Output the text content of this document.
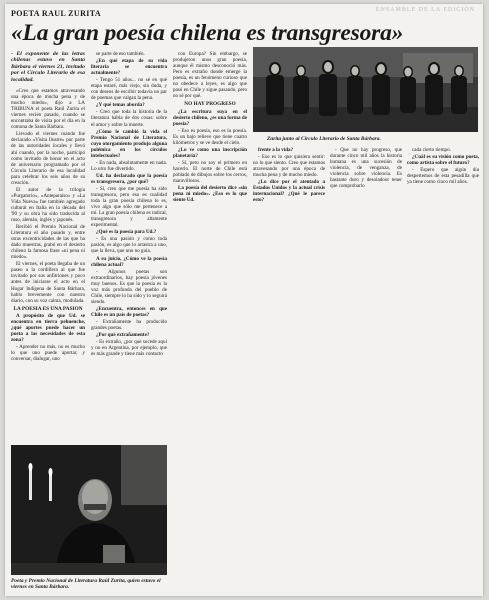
POETA RAUL ZURITA	ENSAMBLE DE LA EDICIÓN
«La gran poesía chilena es transgresora»

- El exponente de las letras chilenas estuvo en Santa Bárbara el viernes 21, invitado por el Círculo Literario de esa localidad.

«Creo que estamos atravesando una época de mucha pena y de mucho miedo», dijo a LA TRIBUNA el poeta Raúl Zurita el viernes recién pasado, cuando se encontraba de visita por el día en la comuna de Santa Bárbara.

Llevado el viernes cuando fue declarado «Visita Ilustre» por parte de las autoridades locales y llevó ahí cuando, por la noche, participó como invitado de honor en el acto de aniversario programado por el Círculo Literario de esa localidad para celebrar los seis años de su creación.

El autor de la trilogía «Purgatorio», «Anteparaíso» y «La Vida Nueva» fue también agregado cultural en Italia en la década del '90 y su obra ha sido traducida al ruso, alemán, inglés y japonés.

Recibió el Premio Nacional de Literatura el año pasado y, entre otras excentricidades de las que ha dado muestras, grabó en el desierto chileno la famosa frase «ni pena ni miedo».

El viernes, el poeta llegaba de un paseo a la cordillera al que fue invitado por sus anfitriones y poco antes de iniciarse el acto en el Hogar Indígena de Santa Bárbara, hablo brevemente con nuestro diario, con su voz calma, modulada.

LA POESIA ES UNA PASION

A propósito de que Ud. se encuentra en tierra pehuenche, ¿qué aportes puede hacer un poeta a las necesidades de esta zona?

- Aprender no más, no es mucho lo que uno puede aportar, y conversar, dialogar, uno

se parte de eso también.

¿En qué etapa de su vida literaria se encuentra actualmente?

- Tengo 51 años... no sé en qué etapa estaré, más viejo, sin duda, y con deseos de escribir todavía un par de poemas que valgan la pena.

¿Y qué temas aborda?

- Creo que toda la historia de la literatura habla de dos cosas: sobre el amor y sobre la muerte.

¿Cómo le cambió la vida el Premio Nacional de Literatura, cuyo otorgamiento produjo alguna polémica en los círculos intelectuales?

- En nada, absolutamente en nada. Lo otro fue divertido.

Ud. ha declarado que la poesía es transgresora, ¿por qué?

- Sí, creo que me poesía ha sido transgresora, pero eso es cualidad toda la gran poesía chilena lo es, vivo algo que sólo me pertenece a mí. La gran poesía chilena es radical, transgresora y altamente experimental.

¿Qué es la poesía para Ud.?

- Es una pasión y como toda pasión, es algo que lo arrastra a uno, que la lleva, que uno no guía.

A su juicio, ¿Cómo ve la poesía chilena actual?

- Algunos poetas son extraordinarios, hay poesía jóvenes muy buenos. Es que la poesía es la voz más profunda del pueblo de Chile, siempre lo ha sido y lo seguirá siendo.

¿Encuentra, entonces en que Chile es un país de poetas?

- Extrañamente ha producido grandes poetas.

¿Por qué extrañamente?

- Es extraño, ¿por qué sucede aquí y no en Argentina, por ejemplo, que es más grande y tiene más contacto

con Europa? Sin embargo, se produjeron unos gran poesía, aunque él mismo desconoció más. Pero es extraño donde emerge la poesía, es un fenómeno curioso que no obedece a leyes, es algo que pasó en Chile y sigue pasando, pero no sé por qué.

NO HAY PROGRESO

¿La escritura suya en el desierto chileno, ¿es una forma de poesía?

- Eso es poesía, eso es la poesía. Es un bajo relieve que tiene cuatro kilómetros y se ve desde el cielo.

¿Lo ve como una inscripción planetaria?

- Sí, pero no soy el primero en hacerlo. El norte de Chile está poblado de dibujos sobre los cerros, maravillosos.

La poesía del desierto dice «sin pena ni miedo». ¿Eso es lo que siente Ud.

Zurita junto al Círculo Literario de Santa Bárbara.

frente a la vida?

- Eso es lo que quisiera sentir: no lo que siento. Creo que estamos atravesando por una época de mucha pena y de mucho miedo.

¿Lo dice por el atentado a Estados Unidos y la actual crisis internacional? ¿Qué le parece esto?

- Que no hay progreso, que durante cinco mil años la historia humana es una sucesión de violencia, de venganza, de violencia sobre violencia. Es bastante duro y desoladoor tener que comprobarlo

cada cierto tiempo.

¿Cuál es su visión como poeta, como artista sobre el futuro?

- Espero que algún día despertemos de esta pesadilla que ya tiene como cinco mil años.

Poeta y Premio Nacional de Literatura Raúl Zurita, quien estuvo el viernes en Santa Bárbara.
